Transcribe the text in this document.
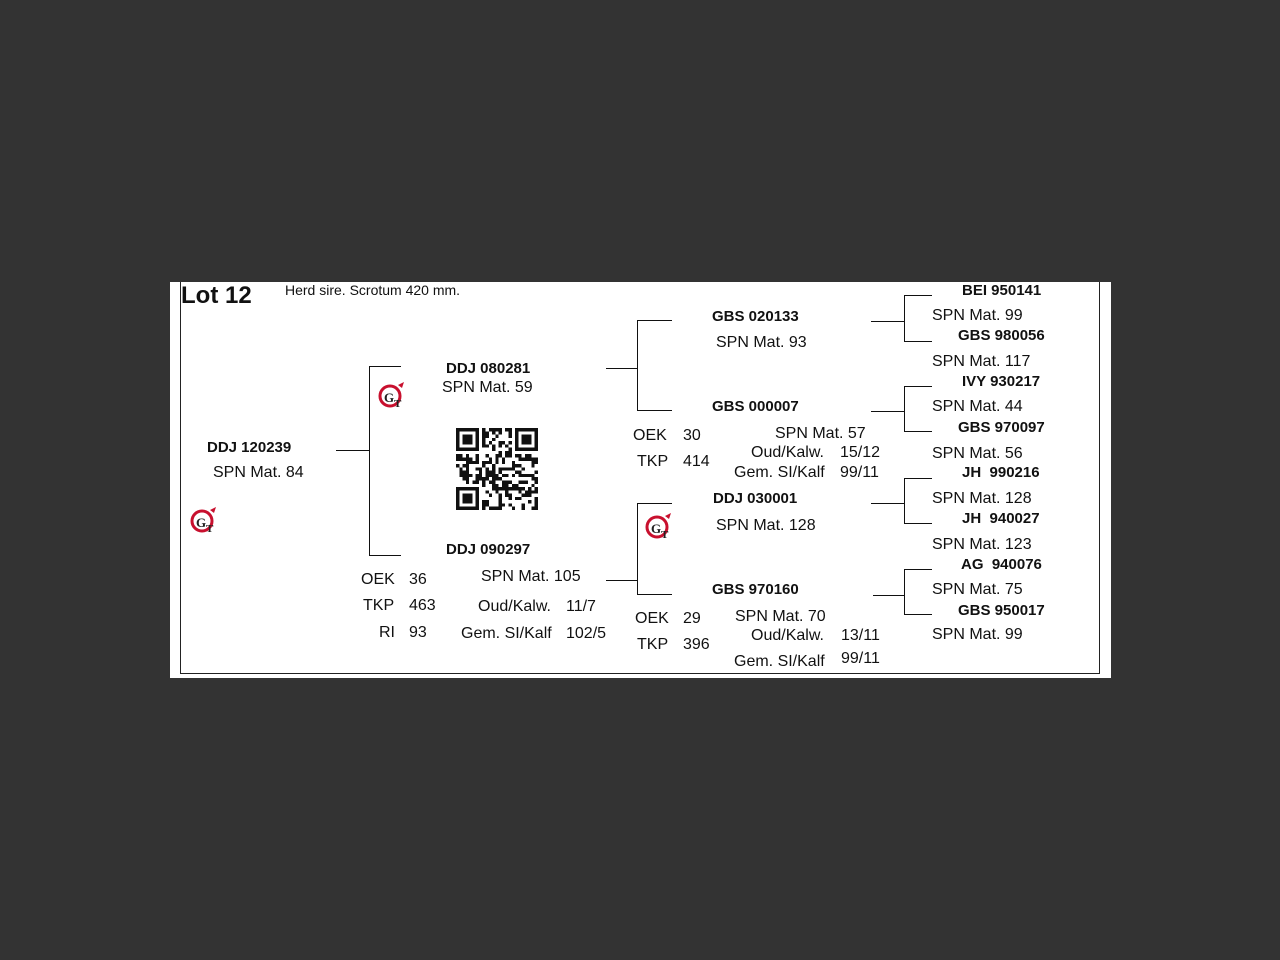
Lot 12 Herd sire. Scrotum 420 mm.
DDJ 120239
SPN Mat. 84
G T
DDJ 080281
SPN Mat. 59
G T
DDJ 090297
SPN Mat. 105
OEK 36
TKP 463
RI 93
Oud/Kalw. 11/7
Gem. SI/Kalf 102/5
GBS 020133
SPN Mat. 93
GBS 000007
SPN Mat. 57
OEK 30
TKP 414
Oud/Kalw. 15/12
Gem. SI/Kalf 99/11
DDJ 030001
SPN Mat. 128
G T
GBS 970160
SPN Mat. 70
OEK 29
TKP 396
Oud/Kalw. 13/11
Gem. SI/Kalf 99/11
BEI 950141
SPN Mat. 99
GBS 980056
SPN Mat. 117
IVY 930217
SPN Mat. 44
GBS 970097
SPN Mat. 56
JH  990216
SPN Mat. 128
JH  940027
SPN Mat. 123
AG  940076
SPN Mat. 75
GBS 950017
SPN Mat. 99
